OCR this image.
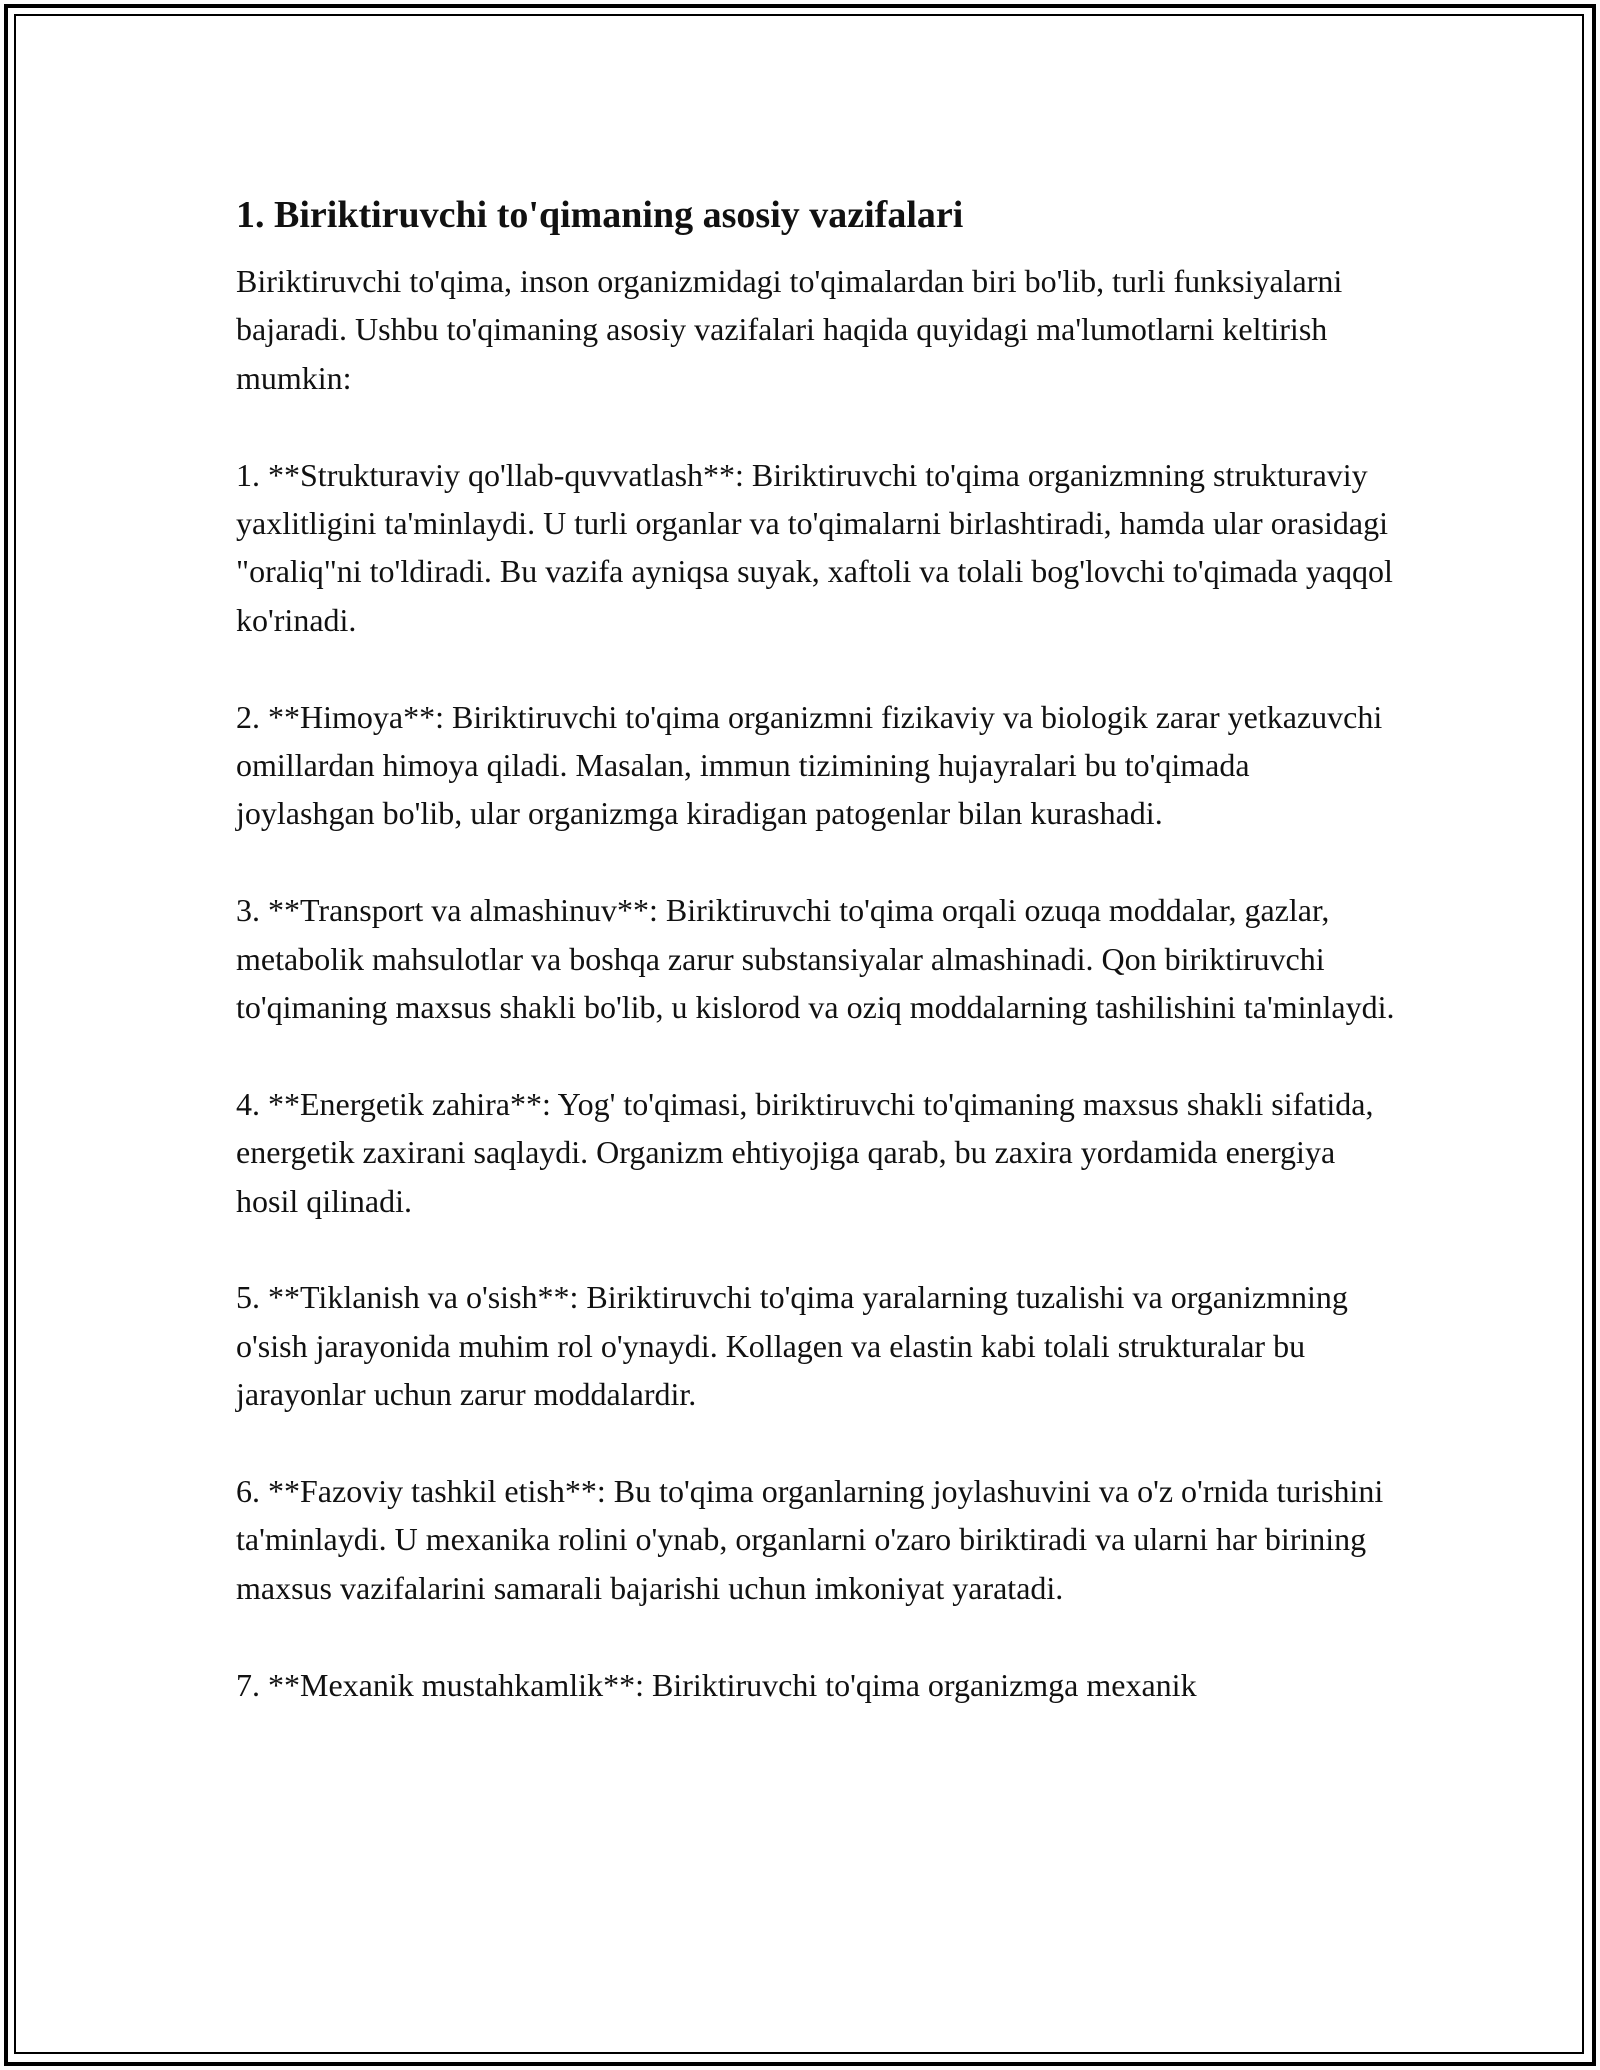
1. Biriktiruvchi to'qimaning asosiy vazifalari

Biriktiruvchi to'qima, inson organizmidagi to'qimalardan biri bo'lib, turli funksiyalarni bajaradi. Ushbu to'qimaning asosiy vazifalari haqida quyidagi ma'lumotlarni keltirish mumkin:

1. **Strukturaviy qo'llab-quvvatlash**: Biriktiruvchi to'qima organizmning strukturaviy yaxlitligini ta'minlaydi. U turli organlar va to'qimalarni birlashtiradi, hamda ular orasidagi "oraliq"ni to'ldiradi. Bu vazifa ayniqsa suyak, xaftoli va tolali bog'lovchi to'qimada yaqqol ko'rinadi.

2. **Himoya**: Biriktiruvchi to'qima organizmni fizikaviy va biologik zarar yetkazuvchi omillardan himoya qiladi. Masalan, immun tizimining hujayralari bu to'qimada joylashgan bo'lib, ular organizmga kiradigan patogenlar bilan kurashadi.

3. **Transport va almashinuv**: Biriktiruvchi to'qima orqali ozuqa moddalar, gazlar, metabolik mahsulotlar va boshqa zarur substansiyalar almashinadi. Qon biriktiruvchi to'qimaning maxsus shakli bo'lib, u kislorod va oziq moddalarning tashilishini ta'minlaydi.

4. **Energetik zahira**: Yog' to'qimasi, biriktiruvchi to'qimaning maxsus shakli sifatida, energetik zaxirani saqlaydi. Organizm ehtiyojiga qarab, bu zaxira yordamida energiya hosil qilinadi.

5. **Tiklanish va o'sish**: Biriktiruvchi to'qima yaralarning tuzalishi va organizmning o'sish jarayonida muhim rol o'ynaydi. Kollagen va elastin kabi tolali strukturalar bu jarayonlar uchun zarur moddalardir.

6. **Fazoviy tashkil etish**: Bu to'qima organlarning joylashuvini va o'z o'rnida turishini ta'minlaydi. U mexanika rolini o'ynab, organlarni o'zaro biriktiradi va ularni har birining maxsus vazifalarini samarali bajarishi uchun imkoniyat yaratadi.

7. **Mexanik mustahkamlik**: Biriktiruvchi to'qima organizmga mexanik
